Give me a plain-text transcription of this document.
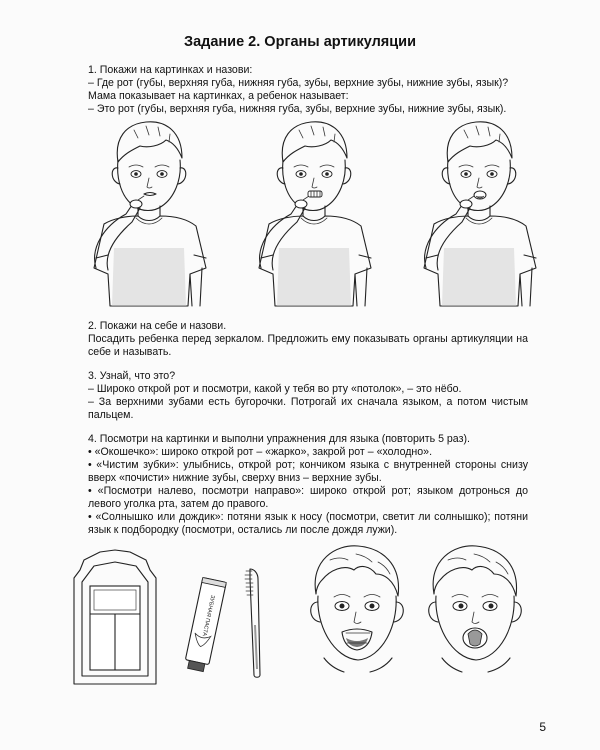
Задание 2. Органы артикуляции

1. Покажи на картинках и назови:

– Где рот (губы, верхняя губа, нижняя губа, зубы, верхние зубы, нижние зубы, язык)?

Мама показывает на картинках, а ребенок называет:

– Это рот (губы, верхняя губа, нижняя губа, зубы, верхние зубы, нижние зубы, язык).

2. Покажи на себе и назови.

Посадить ребенка перед зеркалом. Предложить ему показывать органы артикуляции на себе и называть.

3. Узнай, что это?

– Широко открой рот и посмотри, какой у тебя во рту «потолок», – это нёбо.

– За верхними зубами есть бугорочки. Потрогай их сначала языком, а потом чистым пальцем.

4. Посмотри на картинки и выполни упражнения для языка (повторить 5 раз).

• «Окошечко»: широко открой рот – «жарко», закрой рот – «холодно».

• «Чистим зубки»: улыбнись, открой рот; кончиком языка с внутренней стороны снизу вверх «почисти» нижние зубы, сверху вниз – верхние зубы.

• «Посмотри налево, посмотри направо»: широко открой рот; языком дотронься до левого уголка рта, затем до правого.

• «Солнышко или дождик»: потяни язык к носу (посмотри, светит ли солнышко); потяни язык к подбородку (посмотри, остались ли после дождя лужи).

ЗУБНАЯ ПАСТА
5
